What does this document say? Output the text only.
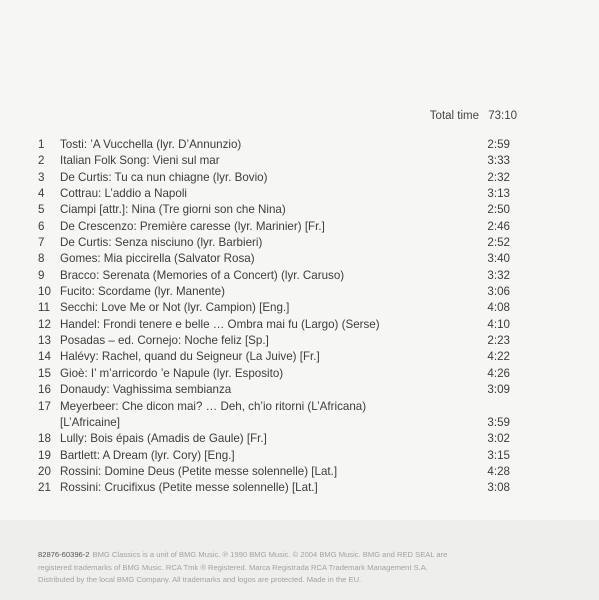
Total time 73:10
1	Tosti: ’A Vucchella (lyr. D’Annunzio)	2:59
2	Italian Folk Song: Vieni sul mar	3:33
3	De Curtis: Tu ca nun chiagne (lyr. Bovio)	2:32
4	Cottrau: L’addio a Napoli	3:13
5	Ciampi [attr.]: Nina (Tre giorni son che Nina)	2:50
6	De Crescenzo: Première caresse (lyr. Marinier) [Fr.]	2:46
7	De Curtis: Senza nisciuno (lyr. Barbieri)	2:52
8	Gomes: Mia piccirella (Salvator Rosa)	3:40
9	Bracco: Serenata (Memories of a Concert) (lyr. Caruso)	3:32
10 Fucito: Scordame (lyr. Manente)	3:06
11 Secchi: Love Me or Not (lyr. Campion) [Eng.]	4:08
12 Handel: Frondi tenere e belle … Ombra mai fu (Largo) (Serse)	4:10
13 Posadas – ed. Cornejo: Noche feliz [Sp.]	2:23
14 Halévy: Rachel, quand du Seigneur (La Juive) [Fr.]	4:22
15 Gioè: I’ m’arricordo ’e Napule (lyr. Esposito)	4:26
16 Donaudy: Vaghissima sembianza	3:09
17 Meyerbeer: Che dicon mai? … Deh, ch’io ritorni (L’Africana)
[L’Africaine]	3:59
18 Lully: Bois épais (Amadis de Gaule) [Fr.]	3:02
19 Bartlett: A Dream (lyr. Cory) [Eng.]	3:15
20 Rossini: Domine Deus (Petite messe solennelle) [Lat.]	4:28
21 Rossini: Crucifixus (Petite messe solennelle) [Lat.]	3:08
82876-60396-2 BMG Classics is a unit of BMG Music. ℗ 1990 BMG Music. © 2004 BMG Music. BMG and RED SEAL are
registered trademarks of BMG Music. RCA Tmk ® Registered. Marca Registrada RCA Trademark Management S.A.
Distributed by the local BMG Company. All trademarks and logos are protected. Made in the EU.
